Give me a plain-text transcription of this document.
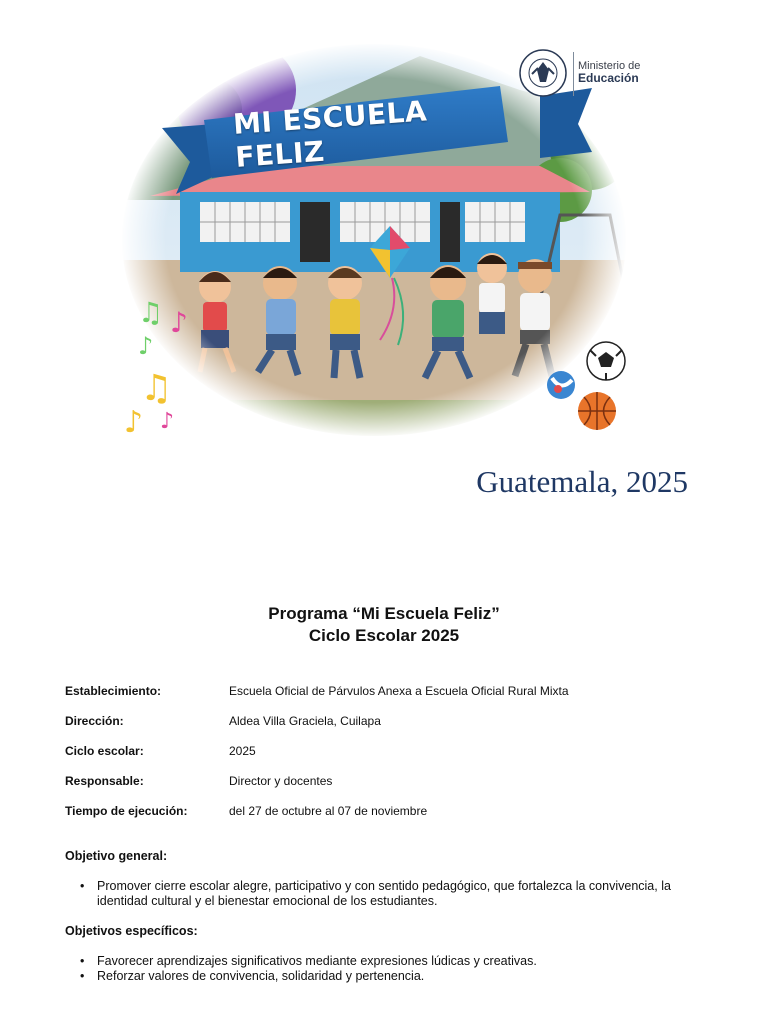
♫ ♪
♪
♫
♪ ♪
MI ESCUELA FELIZ
Ministerio de
Educación
Guatemala, 2025
Programa “Mi Escuela Feliz”
Ciclo Escolar 2025
Establecimiento:	Escuela Oficial de Párvulos Anexa a Escuela Oficial Rural Mixta
Dirección:	Aldea Villa Graciela, Cuilapa
Ciclo escolar:	2025
Responsable:	Director y docentes
Tiempo de ejecución:	del 27 de octubre al 07 de noviembre
Objetivo general:
• Promover cierre escolar alegre, participativo y con sentido pedagógico, que fortalezca la convivencia, la identidad cultural y el bienestar emocional de los estudiantes.
Objetivos específicos:
• Favorecer aprendizajes significativos mediante expresiones lúdicas y creativas.
• Reforzar valores de convivencia, solidaridad y pertenencia.
